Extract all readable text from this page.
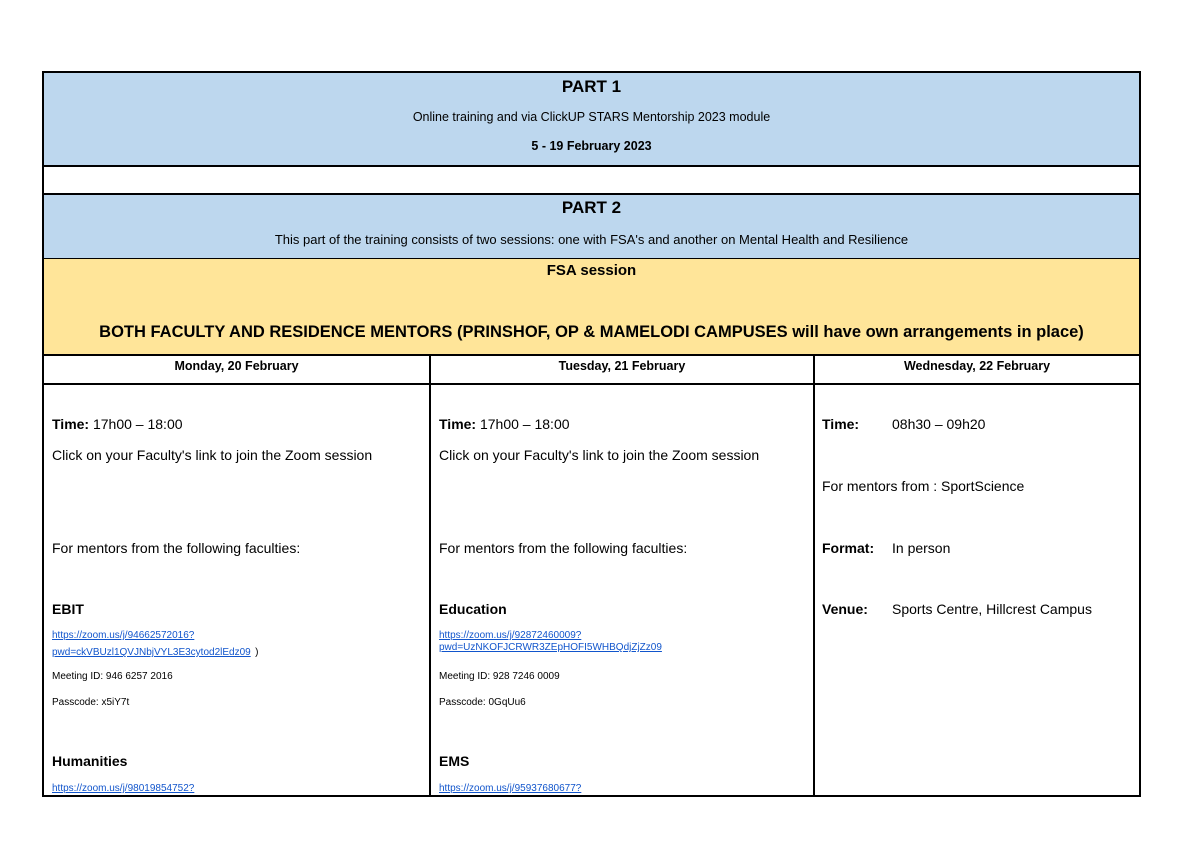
PART 1
Online training and via ClickUP STARS Mentorship 2023 module
5 - 19 February 2023
PART 2
This part of the training consists of two sessions: one with FSA's and another on Mental Health and Resilience
FSA session
BOTH FACULTY AND RESIDENCE MENTORS (PRINSHOF, OP & MAMELODI CAMPUSES will have own arrangements in place)
Monday, 20 February	Tuesday, 21 February	Wednesday, 22 February
Time: 17h00 – 18:00
Click on your Faculty's link to join the Zoom session
For mentors from the following faculties:
EBIT
https://zoom.us/j/94662572016?
pwd=ckVBUzl1QVJNbjVYL3E3cytod2lEdz09 )
Meeting ID: 946 6257 2016
Passcode: x5iY7t
Humanities
https://zoom.us/j/98019854752?
Time: 17h00 – 18:00
Click on your Faculty's link to join the Zoom session
For mentors from the following faculties:
Education
https://zoom.us/j/92872460009?
pwd=UzNKOFJCRWR3ZEpHOFI5WHBQdjZjZz09
Meeting ID: 928 7246 0009
Passcode: 0GqUu6
EMS
https://zoom.us/j/95937680677?
Time: 08h30 – 09h20
For mentors from : SportScience
Format: In person
Venue: Sports Centre, Hillcrest Campus
